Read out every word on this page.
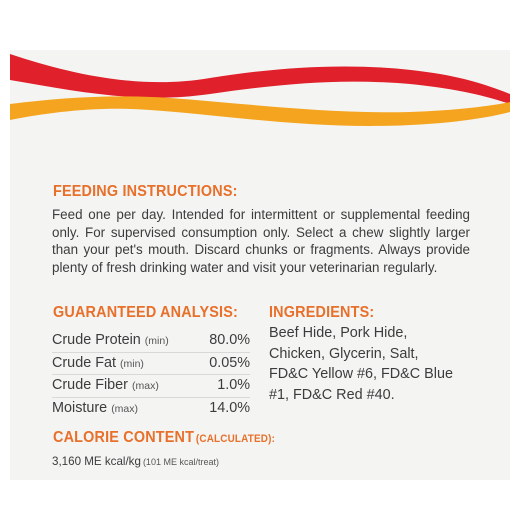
FEEDING INSTRUCTIONS:
Feed one per day. Intended for intermittent or supplemental feeding only. For supervised consumption only. Select a chew slightly larger than your pet's mouth. Discard chunks or fragments. Always provide plenty of fresh drinking water and visit your veterinarian regularly.
GUARANTEED ANALYSIS:
Crude Protein (min)	80.0%
Crude Fat (min)	0.05%
Crude Fiber (max)	1.0%
Moisture (max)	14.0%
INGREDIENTS:
Beef Hide, Pork Hide, Chicken, Glycerin, Salt, FD&C Yellow #6, FD&C Blue #1, FD&C Red #40.
CALORIE CONTENT (CALCULATED):
3,160 ME kcal/kg (101 ME kcal/treat)
